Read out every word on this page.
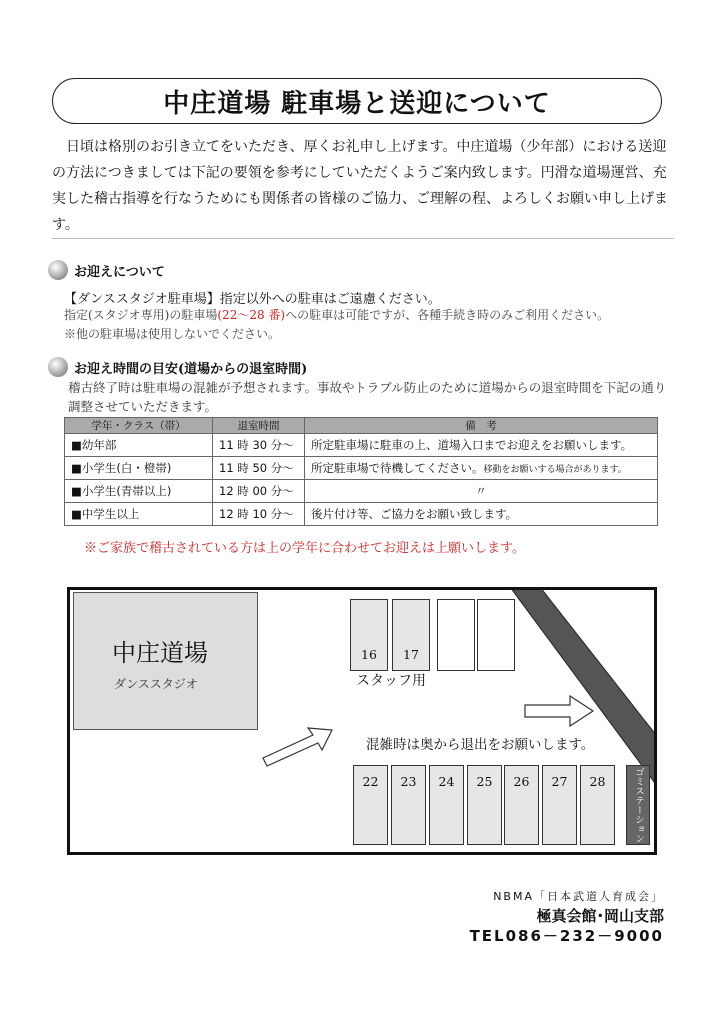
中庄道場 駐車場と送迎について

日頃は格別のお引き立てをいただき、厚くお礼申し上げます。中庄道場（少年部）における送迎の方法につきましては下記の要領を参考にしていただくようご案内致します。円滑な道場運営、充実した稽古指導を行なうためにも関係者の皆様のご協力、ご理解の程、よろしくお願い申し上げます。

お迎えについて
【ダンススタジオ駐車場】指定以外への駐車はご遠慮ください。
指定(スタジオ専用)の駐車場(22～28 番)への駐車は可能ですが、各種手続き時のみご利用ください。
※他の駐車場は使用しないでください。
お迎え時間の目安(道場からの退室時間)
稽古終了時は駐車場の混雑が予想されます。事故やトラブル防止のために道場からの退室時間を下記の通り調整させていただきます。
学年・クラス（帯）	退室時間	備　考
■幼年部	11 時 30 分～	所定駐車場に駐車の上、道場入口までお迎えをお願いします。
■小学生(白・橙帯)	11 時 50 分～	所定駐車場で待機してください。移動をお願いする場合があります。
■小学生(青帯以上)	12 時 00 分～	〃
■中学生以上	12 時 10 分～	後片付け等、ご協力をお願い致します。
※ご家族で稽古されている方は上の学年に合わせてお迎えは上願いします。
中庄道場
ダンススタジオ
16	17
スタッフ用
混雑時は奥から退出をお願いします。
22	23	24	25	26	27	28	ゴミステーション
NBMA「日本武道人育成会」
極真会館･岡山支部
TEL086－232－9000
